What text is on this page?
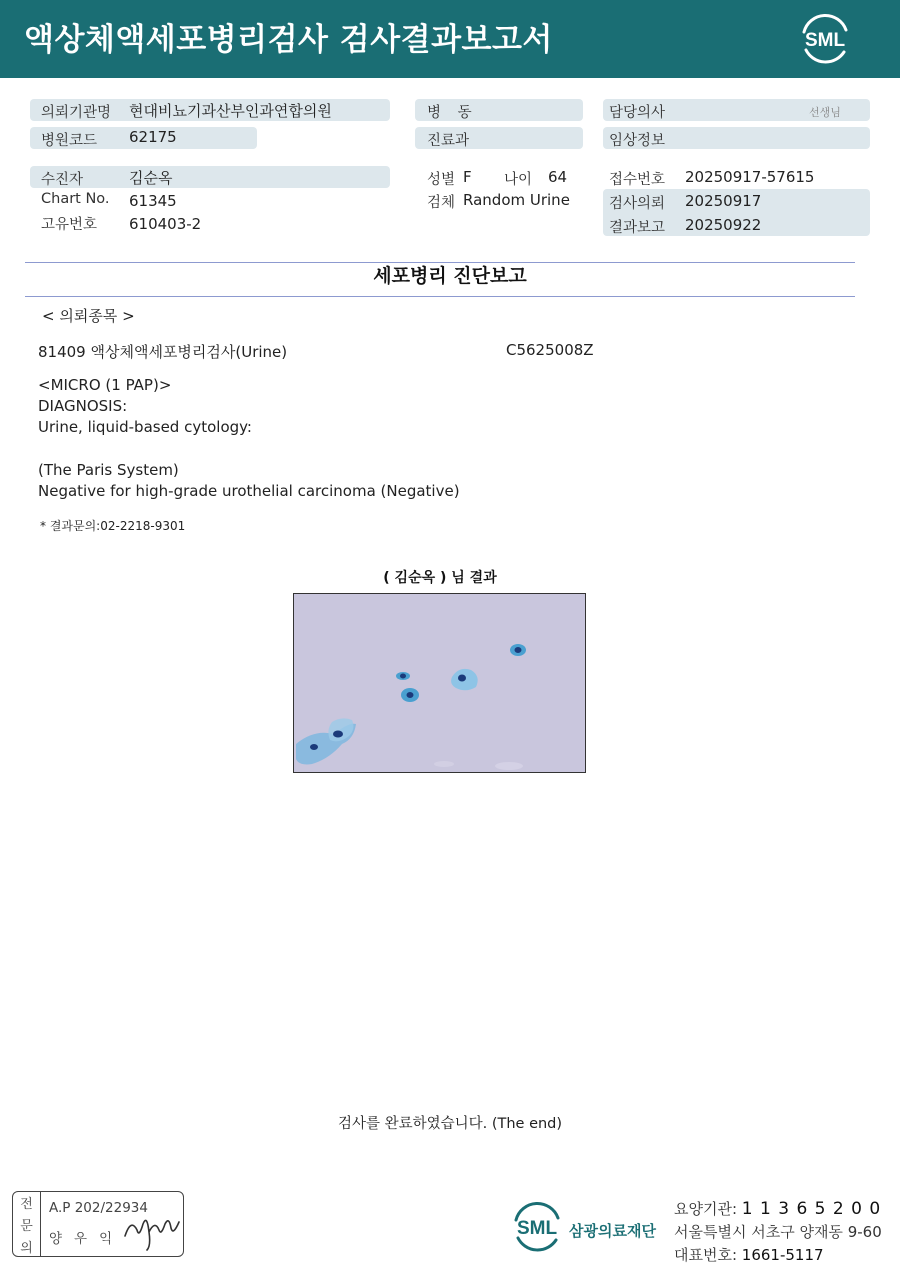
액상체액세포병리검사 검사결과보고서	SML
의뢰기관명 현대비뇨기과산부인과연합의원
병원코드 62175
수진자	김순옥
Chart No. 61345
고유번호 610403-2
병 동
진료과
성별 F 나이 64
검체 Random Urine
담당의사	선생님
임상정보
접수번호 20250917-57615
검사의뢰 20250917
결과보고 20250922
세포병리 진단보고
< 의뢰종목 >
81409 액상체액세포병리검사(Urine)	C5625008Z
<MICRO (1 PAP)>
DIAGNOSIS:
Urine, liquid-based cytology:
(The Paris System)
Negative for high-grade urothelial carcinoma (Negative)
* 결과문의:02-2218-9301
( 김순옥 ) 님 결과
검사를 완료하였습니다. (The end)
전
문
의
A.P 202/22934
양우익	SML 삼광의료재단
요양기관: 1 1 3 6 5 2 0 0
서울특별시 서초구 양재동 9-60
대표번호: 1661-5117
